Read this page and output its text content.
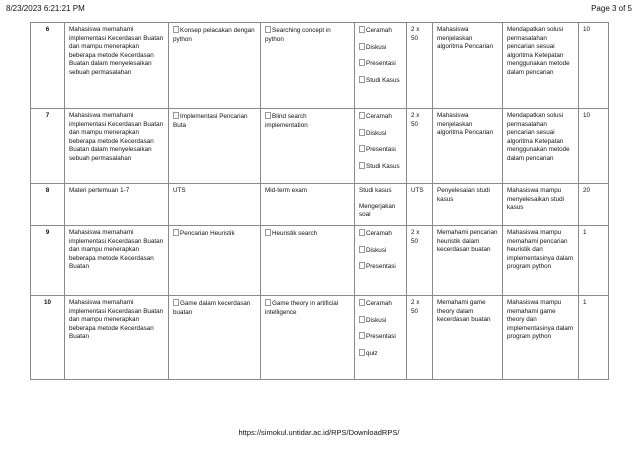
8/23/2023 6:21:21 PM	Page 3 of 5
6	Mahasiswa memahami implementasi Kecerdasan Buatan dan mampu menerapkan beberapa metode Kecerdasan Buatan dalam menyelesaikan sebuah permasalahan	Konsep pelacakan dengan python	Searching concept in python	Ceramah
Diskusi
Presentasi
Studi Kasus	2 x 50	Mahasiswa menjelaskan algoritma Pencarian	Mendapatkan solusi permasalahan pencarian sesuai algoritma Ketepatan menggunakan metode dalam pencarian	10
7	Mahasiswa memahami implementasi Kecerdasan Buatan dan mampu menerapkan beberapa metode Kecerdasan Buatan dalam menyelesaikan sebuah permasalahan	Implementasi Pencarian Buta	Blind search implementation	Ceramah
Diskusi
Presentasi
Studi Kasus	2 x 50	Mahasiswa menjelaskan algoritma Pencarian	Mendapatkan solusi permasalahan pencarian sesuai algoritma Ketepatan menggunakan metode dalam pencarian	10
8	Materi pertemuan 1-7	UTS	Mid-term exam	Studi kasus
Mengerjakan soal	UTS	Penyelesaian studi kasus	Mahasiswa mampu menyelesaikan studi kasus	20
9	Mahasiswa memahami implementasi Kecerdasan Buatan dan mampu menerapkan beberapa metode Kecerdasan Buatan	Pencarian Heuristik	Heuristik search	Ceramah
Diskusi
Presentasi	2 x 50	Memahami pencarian heuristik dalam kecerdasan buatan	Mahasiswa mampu memahami pencarian heuristik dan implementasinya dalam program python	1
10	Mahasiswa memahami implementasi Kecerdasan Buatan dan mampu menerapkan beberapa metode Kecerdasan Buatan	Game dalam kecerdasan buatan	Game theory in artificial intelligence	Ceramah
Diskusi
Presentasi
quiz	2 x 50	Memahami game theory dalam kecerdasan buatan	Mahasiswa mampu memahami game theory dan implementasinya dalam program python	1
https://simokul.untidar.ac.id/RPS/DownloadRPS/
